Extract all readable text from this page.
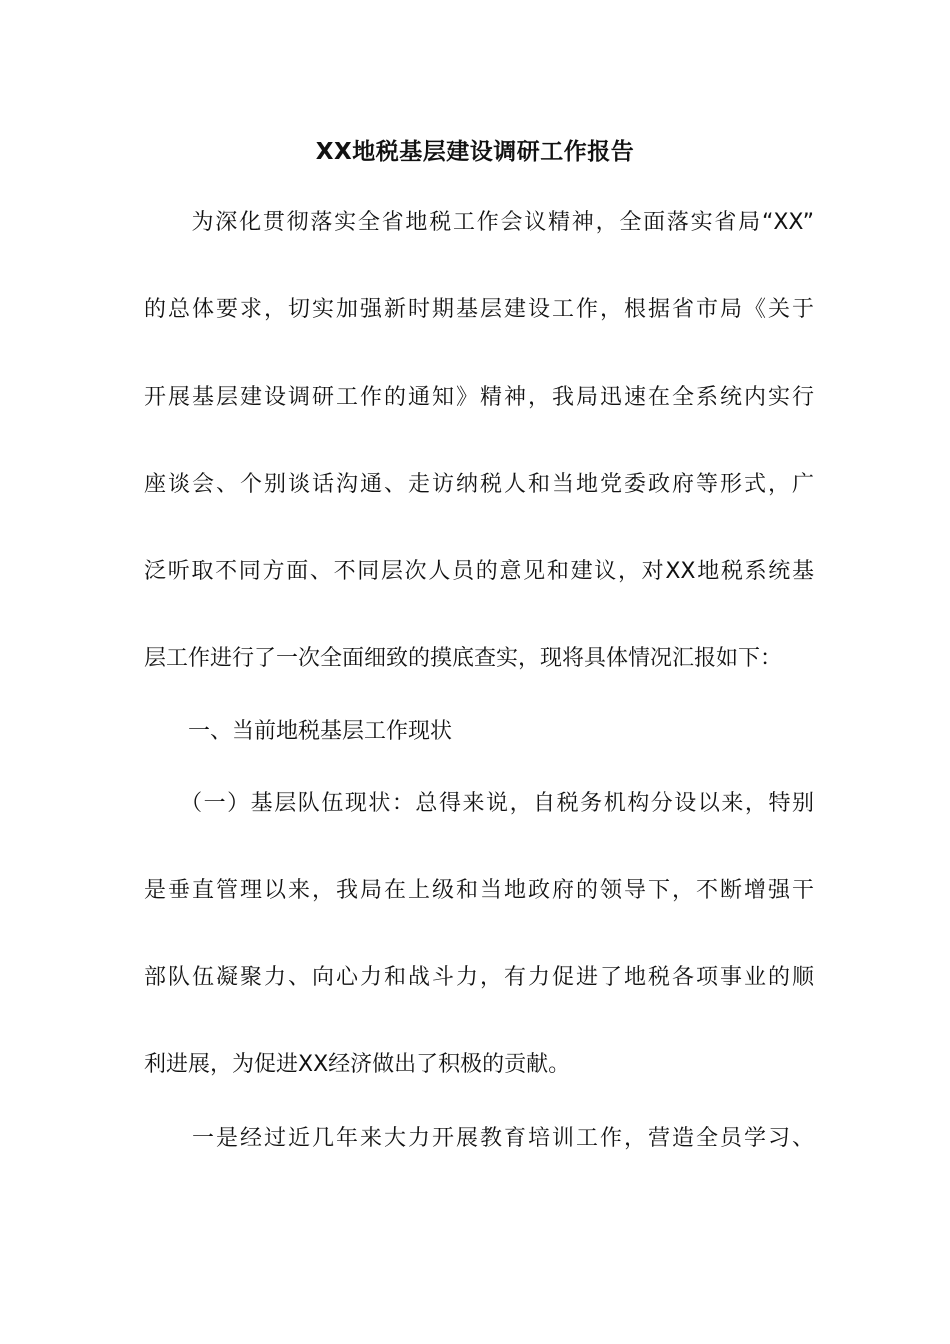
XX地税基层建设调研工作报告

　　为深化贯彻落实全省地税工作会议精神，全面落实省局“XX”

的总体要求，切实加强新时期基层建设工作，根据省市局《关于

开展基层建设调研工作的通知》精神，我局迅速在全系统内实行

座谈会、个别谈话沟通、走访纳税人和当地党委政府等形式，广

泛听取不同方面、不同层次人员的意见和建议，对XX地税系统基

层工作进行了一次全面细致的摸底查实，现将具体情况汇报如下：

　　一、当前地税基层工作现状

　　（一）基层队伍现状：总得来说，自税务机构分设以来，特别

是垂直管理以来，我局在上级和当地政府的领导下，不断增强干

部队伍凝聚力、向心力和战斗力，有力促进了地税各项事业的顺

利进展，为促进XX经济做出了积极的贡献。

　　一是经过近几年来大力开展教育培训工作，营造全员学习、
